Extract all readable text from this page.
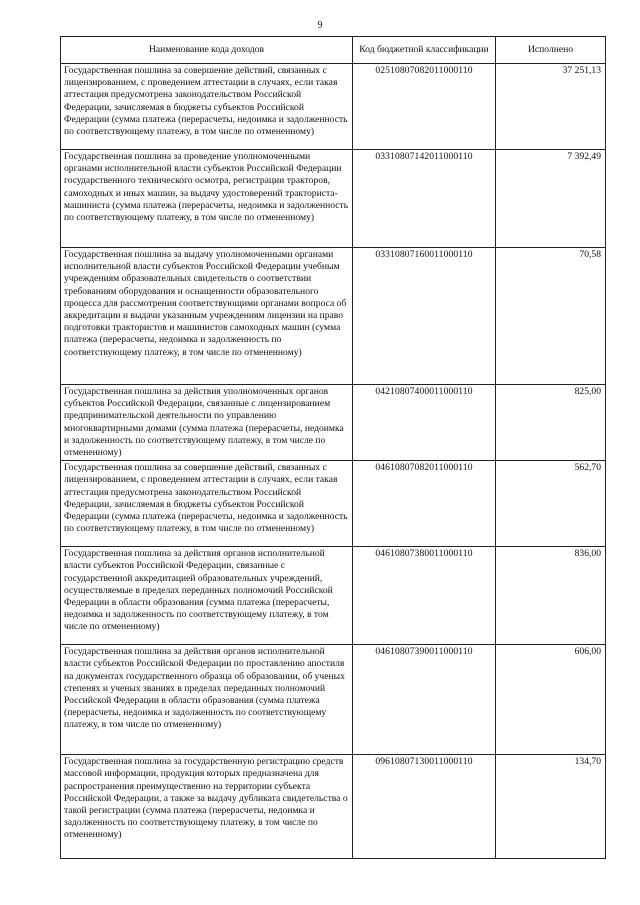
9
Наименование кода доходов	Код бюджетной классификации	Исполнено
Государственная пошлина за совершение действий, связанных с лицензированием, с проведением аттестации в случаях, если такая аттестация предусмотрена законодательством Российской Федерации, зачисляемая в бюджеты субъектов Российской Федерации (сумма платежа (перерасчеты, недоимка и задолженность по соответствующему платежу, в том числе по отмененному)	02510807082011000110	37 251,13
Государственная пошлина за проведение уполномоченными органами исполнительной власти субъектов Российской Федерации государственного технического осмотра, регистрации тракторов, самоходных и иных машин, за выдачу удостоверений тракториста- машиниста (сумма платежа (перерасчеты, недоимка и задолженность по соответствующему платежу, в том числе по отмененному)	03310807142011000110	7 392,49
Государственная пошлина за выдачу уполномоченными органами исполнительной власти субъектов Российской Федерации учебным учреждениям образовательных свидетельств о соответствии требованиям оборудования и оснащенности образовательного процесса для рассмотрения соответствующими органами вопроса об аккредитации и выдачи указанным учреждениям лицензии на право подготовки трактористов и машинистов самоходных машин (сумма платежа (перерасчеты, недоимка и задолженность по соответствующему платежу, в том числе по отмененному)	03310807160011000110	70,58
Государственная пошлина за действия уполномоченных органов субъектов Российской Федерации, связанные с лицензированием предпринимательской деятельности по управлению многоквартирными домами (сумма платежа (перерасчеты, недоимка и задолженность по соответствующему платежу, в том числе по отмененному)	04210807400011000110	825,00
Государственная пошлина за совершение действий, связанных с лицензированием, с проведением аттестации в случаях, если такая аттестация предусмотрена законодательством Российской Федерации, зачисляемая в бюджеты субъектов Российской Федерации (сумма платежа (перерасчеты, недоимка и задолженность по соответствующему платежу, в том числе по отмененному)	04610807082011000110	562,70
Государственная пошлина за действия органов исполнительной власти субъектов Российской Федерации, связанные с государственной аккредитацией образовательных учреждений, осуществляемые в пределах переданных полномочий Российской Федерации в области образования (сумма платежа (перерасчеты, недоимка и задолженность по соответствующему платежу, в том числе по отмененному)	04610807380011000110	836,00
Государственная пошлина за действия органов исполнительной власти субъектов Российской Федерации по проставлению апостиля на документах государственного образца об образовании, об ученых степенях и ученых званиях в пределах переданных полномочий Российской Федерации в области образования (сумма платежа (перерасчеты, недоимка и задолженность по соответствующему платежу, в том числе по отмененному)	04610807390011000110	606,00
Государственная пошлина за государственную регистрацию средств массовой информации, продукция которых предназначена для распространения преимущественно на территории субъекта Российской Федерации, а также за выдачу дубликата свидетельства о такой регистрации (сумма платежа (перерасчеты, недоимка и задолженность по соответствующему платежу, в том числе по отмененному)	09610807130011000110	134,70
